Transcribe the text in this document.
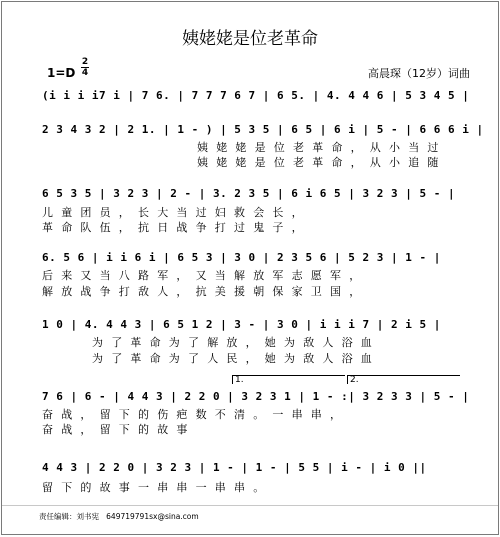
姨姥姥是位老革命
1=D
2
4	高晨琛（12岁）词曲
(i i i i7 i | 7 6. | 7 7 7 6 7 | 6 5. | 4. 4 4 6 | 5 3 4 5 |
2 3 4 3 2 | 2 1. | 1 - ) | 5 3 5 | 6 5 | 6 i | 5 - | 6 6 6 i |
姨姥姥是位老革命，从小当过
姨姥姥是位老革命，从小追随
6 5 3 5 | 3 2 3 | 2 - | 3. 2 3 5 | 6 i 6 5 | 3 2 3 | 5 - |
儿童团员，长大当过妇救会长，
革命队伍，抗日战争打过鬼子，
6. 5 6 | i i 6 i | 6 5 3 | 3 0 | 2 3 5 6 | 5 2 3 | 1 - |
后来又当八路军，又当解放军志愿军，
解放战争打敌人，抗美援朝保家卫国，
1 0 | 4. 4 4 3 | 6 5 1 2 | 3 - | 3 0 | i i i 7 | 2 i 5 |
为了革命为了解放，她为敌人浴血
为了革命为了人民，她为敌人浴血
1.	2.
7 6 | 6 - | 4 4 3 | 2 2 0 | 3 2 3 1 | 1 - :| 3 2 3 3 | 5 - |
奋战，留下的伤疤数不清。一串串，
奋战，留下的故事
4 4 3 | 2 2 0 | 3 2 3 | 1 - | 1 - | 5 5 | i - | i 0 ||
留下的故事一串串一串串。
责任编辑：刘书宪 649719791sx@sina.com
